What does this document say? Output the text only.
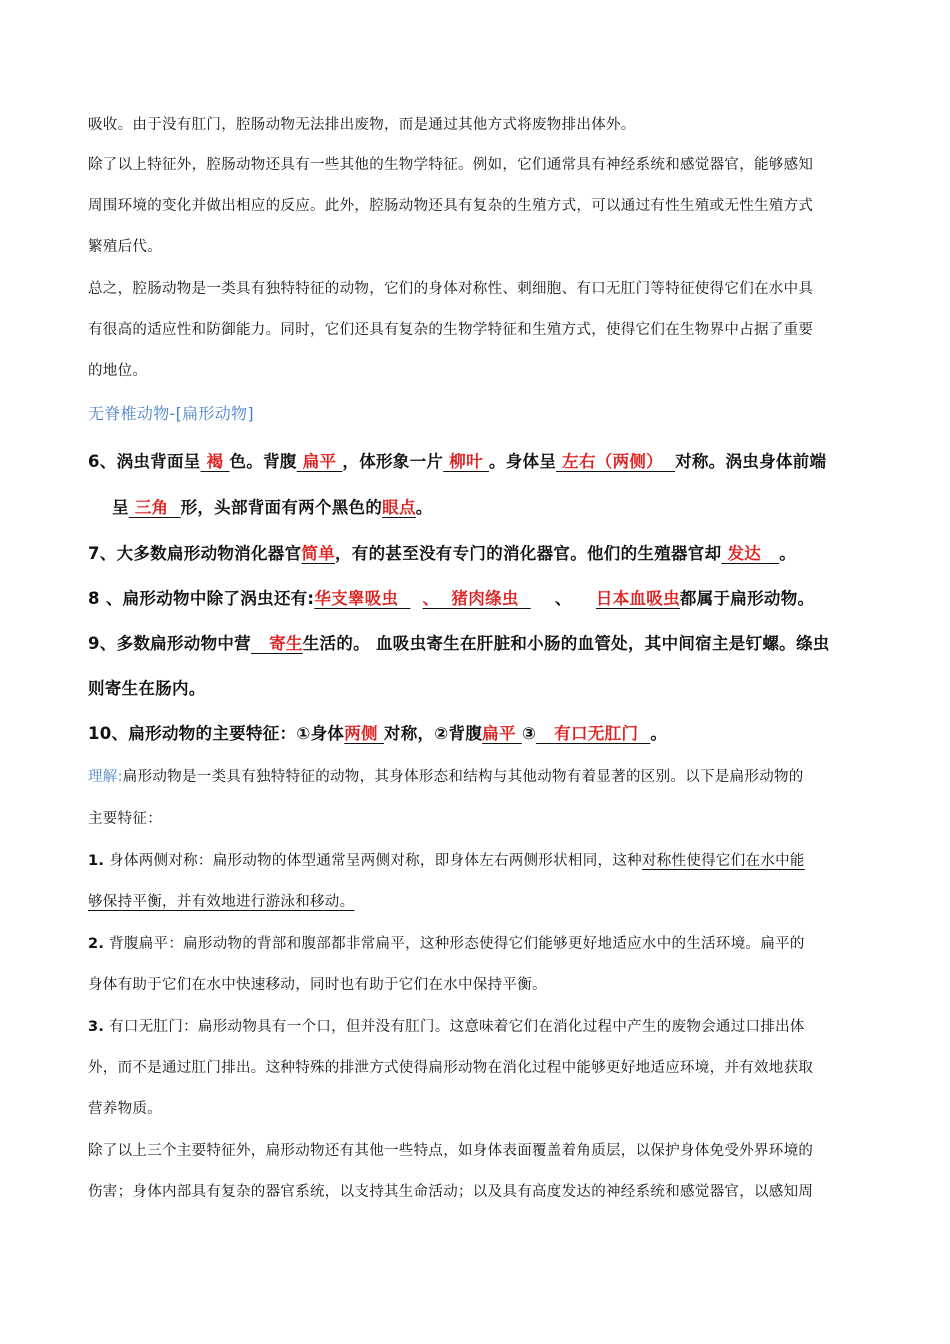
吸收。由于没有肛门，腔肠动物无法排出废物，而是通过其他方式将废物排出体外。
除了以上特征外，腔肠动物还具有一些其他的生物学特征。例如，它们通常具有神经系统和感觉器官，能够感知
周围环境的变化并做出相应的反应。此外，腔肠动物还具有复杂的生殖方式，可以通过有性生殖或无性生殖方式
繁殖后代。
总之，腔肠动物是一类具有独特特征的动物，它们的身体对称性、刺细胞、有口无肛门等特征使得它们在水中具
有很高的适应性和防御能力。同时，它们还具有复杂的生物学特征和生殖方式，使得它们在生物界中占据了重要
的地位。
无脊椎动物-[扁形动物]
6、涡虫背面呈 褐 色。背腹 扁平 ，体形象一片 柳叶 。身体呈 左右（两侧） 对称。涡虫身体前端
呈 三角 形，头部背面有两个黑色的眼点。
7、大多数扁形动物消化器官简单，有的甚至没有专门的消化器官。他们的生殖器官却 发达 。
8 、扁形动物中除了涡虫还有:华支睾吸虫 、 猪肉绦虫 、 日本血吸虫都属于扁形动物。
9、多数扁形动物中营 寄生生活的。 血吸虫寄生在肝脏和小肠的血管处，其中间宿主是钉螺。绦虫
则寄生在肠内。
10、扁形动物的主要特征：①身体两侧 对称，②背腹扁平 ③ 有口无肛门 。
理解:扁形动物是一类具有独特特征的动物，其身体形态和结构与其他动物有着显著的区别。以下是扁形动物的
主要特征：
1. 身体两侧对称：扁形动物的体型通常呈两侧对称，即身体左右两侧形状相同，这种对称性使得它们在水中能
够保持平衡，并有效地进行游泳和移动。
2. 背腹扁平：扁形动物的背部和腹部都非常扁平，这种形态使得它们能够更好地适应水中的生活环境。扁平的
身体有助于它们在水中快速移动，同时也有助于它们在水中保持平衡。
3. 有口无肛门：扁形动物具有一个口，但并没有肛门。这意味着它们在消化过程中产生的废物会通过口排出体
外，而不是通过肛门排出。这种特殊的排泄方式使得扁形动物在消化过程中能够更好地适应环境，并有效地获取
营养物质。
除了以上三个主要特征外，扁形动物还有其他一些特点，如身体表面覆盖着角质层，以保护身体免受外界环境的
伤害；身体内部具有复杂的器官系统，以支持其生命活动；以及具有高度发达的神经系统和感觉器官，以感知周
